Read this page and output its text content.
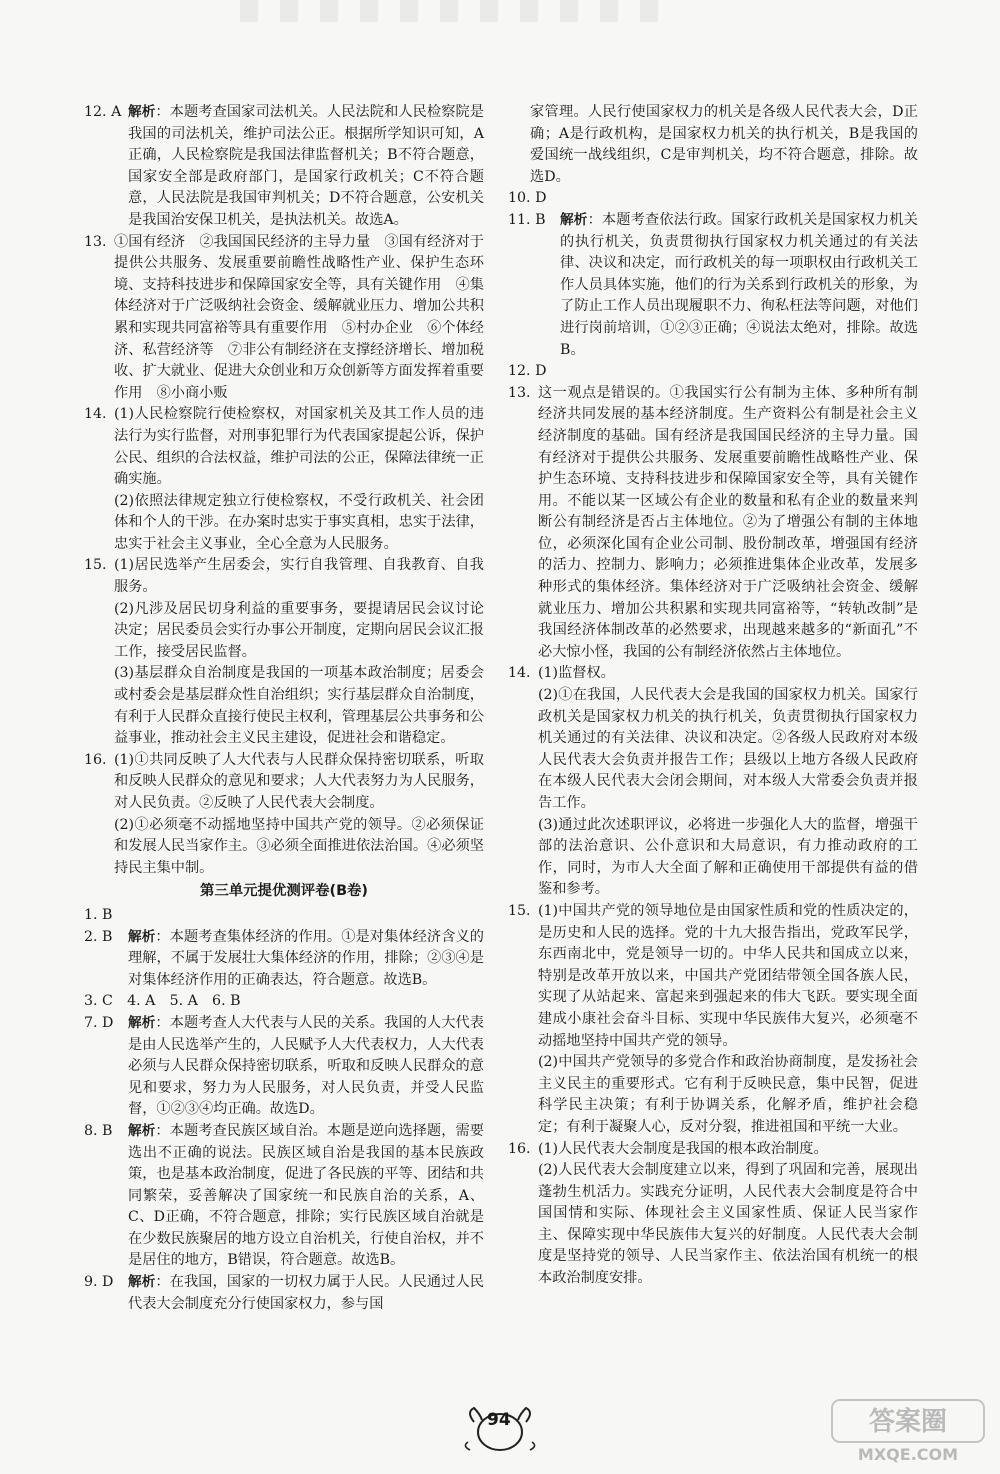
12. A 解析：本题考查国家司法机关。人民法院和人民检察院是我国的司法机关，维护司法公正。根据所学知识可知，A正确，人民检察院是我国法律监督机关；B不符合题意，国家安全部是政府部门，是国家行政机关；C不符合题意，人民法院是我国审判机关；D不符合题意，公安机关是我国治安保卫机关，是执法机关。故选A。
13. ①国有经济　②我国国民经济的主导力量　③国有经济对于提供公共服务、发展重要前瞻性战略性产业、保护生态环境、支持科技进步和保障国家安全等，具有关键作用　④集体经济对于广泛吸纳社会资金、缓解就业压力、增加公共积累和实现共同富裕等具有重要作用　⑤村办企业　⑥个体经济、私营经济等　⑦非公有制经济在支撑经济增长、增加税收、扩大就业、促进大众创业和万众创新等方面发挥着重要作用　⑧小商小贩
14. (1)人民检察院行使检察权，对国家机关及其工作人员的违法行为实行监督，对刑事犯罪行为代表国家提起公诉，保护公民、组织的合法权益，维护司法的公正，保障法律统一正确实施。

(2)依照法律规定独立行使检察权，不受行政机关、社会团体和个人的干涉。在办案时忠实于事实真相，忠实于法律，忠实于社会主义事业，全心全意为人民服务。

15. (1)居民选举产生居委会，实行自我管理、自我教育、自我服务。

(2)凡涉及居民切身利益的重要事务，要提请居民会议讨论决定；居民委员会实行办事公开制度，定期向居民会议汇报工作，接受居民监督。

(3)基层群众自治制度是我国的一项基本政治制度；居委会或村委会是基层群众性自治组织；实行基层群众自治制度，有利于人民群众直接行使民主权利，管理基层公共事务和公益事业，推动社会主义民主建设，促进社会和谐稳定。

16. (1)①共同反映了人大代表与人民群众保持密切联系，听取和反映人民群众的意见和要求；人大代表努力为人民服务，对人民负责。②反映了人民代表大会制度。

(2)①必须毫不动摇地坚持中国共产党的领导。②必须保证和发展人民当家作主。③必须全面推进依法治国。④必须坚持民主集中制。

第三单元提优测评卷(B卷)
1. B
2. B	解析：本题考查集体经济的作用。①是对集体经济含义的理解，不属于发展壮大集体经济的作用，排除；②③④是对集体经济作用的正确表达，符合题意。故选B。
3. C　4. A　5. A　6. B
7. D	解析：本题考查人大代表与人民的关系。我国的人大代表是由人民选举产生的，人民赋予人大代表权力，人大代表必须与人民群众保持密切联系，听取和反映人民群众的意见和要求，努力为人民服务，对人民负责，并受人民监督，①②③④均正确。故选D。
8. B	解析：本题考查民族区域自治。本题是逆向选择题，需要选出不正确的说法。民族区域自治是我国的基本民族政策，也是基本政治制度，促进了各民族的平等、团结和共同繁荣，妥善解决了国家统一和民族自治的关系，A、C、D正确，不符合题意，排除；实行民族区域自治就是在少数民族聚居的地方设立自治机关，行使自治权，并不是居住的地方，B错误，符合题意。故选B。
9. D	解析：在我国，国家的一切权力属于人民。人民通过人民代表大会制度充分行使国家权力，参与国
家管理。人民行使国家权力的机关是各级人民代表大会，D正确；A是行政机构，是国家权力机关的执行机关，B是我国的爱国统一战线组织，C是审判机关，均不符合题意，排除。故选D。
10. D
11. B	解析：本题考查依法行政。国家行政机关是国家权力机关的执行机关，负责贯彻执行国家权力机关通过的有关法律、决议和决定，而行政机关的每一项职权由行政机关工作人员具体实施，他们的行为关系到行政机关的形象，为了防止工作人员出现履职不力、徇私枉法等问题，对他们进行岗前培训，①②③正确；④说法太绝对，排除。故选B。
12. D
13. 这一观点是错误的。①我国实行公有制为主体、多种所有制经济共同发展的基本经济制度。生产资料公有制是社会主义经济制度的基础。国有经济是我国国民经济的主导力量。国有经济对于提供公共服务、发展重要前瞻性战略性产业、保护生态环境、支持科技进步和保障国家安全等，具有关键作用。不能以某一区域公有企业的数量和私有企业的数量来判断公有制经济是否占主体地位。②为了增强公有制的主体地位，必须深化国有企业公司制、股份制改革，增强国有经济的活力、控制力、影响力；必须推进集体企业改革，发展多种形式的集体经济。集体经济对于广泛吸纳社会资金、缓解就业压力、增加公共积累和实现共同富裕等，“转轨改制”是我国经济体制改革的必然要求，出现越来越多的“新面孔”不必大惊小怪，我国的公有制经济依然占主体地位。
14. (1)监督权。

(2)①在我国，人民代表大会是我国的国家权力机关。国家行政机关是国家权力机关的执行机关，负责贯彻执行国家权力机关通过的有关法律、决议和决定。②各级人民政府对本级人民代表大会负责并报告工作；县级以上地方各级人民政府在本级人民代表大会闭会期间，对本级人大常委会负责并报告工作。

(3)通过此次述职评议，必将进一步强化人大的监督，增强干部的法治意识、公仆意识和大局意识，有力推动政府的工作，同时，为市人大全面了解和正确使用干部提供有益的借鉴和参考。

15. (1)中国共产党的领导地位是由国家性质和党的性质决定的，是历史和人民的选择。党的十九大报告指出，党政军民学，东西南北中，党是领导一切的。中华人民共和国成立以来，特别是改革开放以来，中国共产党团结带领全国各族人民，实现了从站起来、富起来到强起来的伟大飞跃。要实现全面建成小康社会奋斗目标、实现中华民族伟大复兴，必须毫不动摇地坚持中国共产党的领导。

(2)中国共产党领导的多党合作和政治协商制度，是发扬社会主义民主的重要形式。它有利于反映民意，集中民智，促进科学民主决策；有利于协调关系，化解矛盾，维护社会稳定；有利于凝聚人心，反对分裂，推进祖国和平统一大业。

16. (1)人民代表大会制度是我国的根本政治制度。

(2)人民代表大会制度建立以来，得到了巩固和完善，展现出蓬勃生机活力。实践充分证明，人民代表大会制度是符合中国国情和实际、体现社会主义国家性质、保证人民当家作主、保障实现中华民族伟大复兴的好制度。人民代表大会制度是坚持党的领导、人民当家作主、依法治国有机统一的根本政治制度安排。

94	答案圈
MXQE.COM
